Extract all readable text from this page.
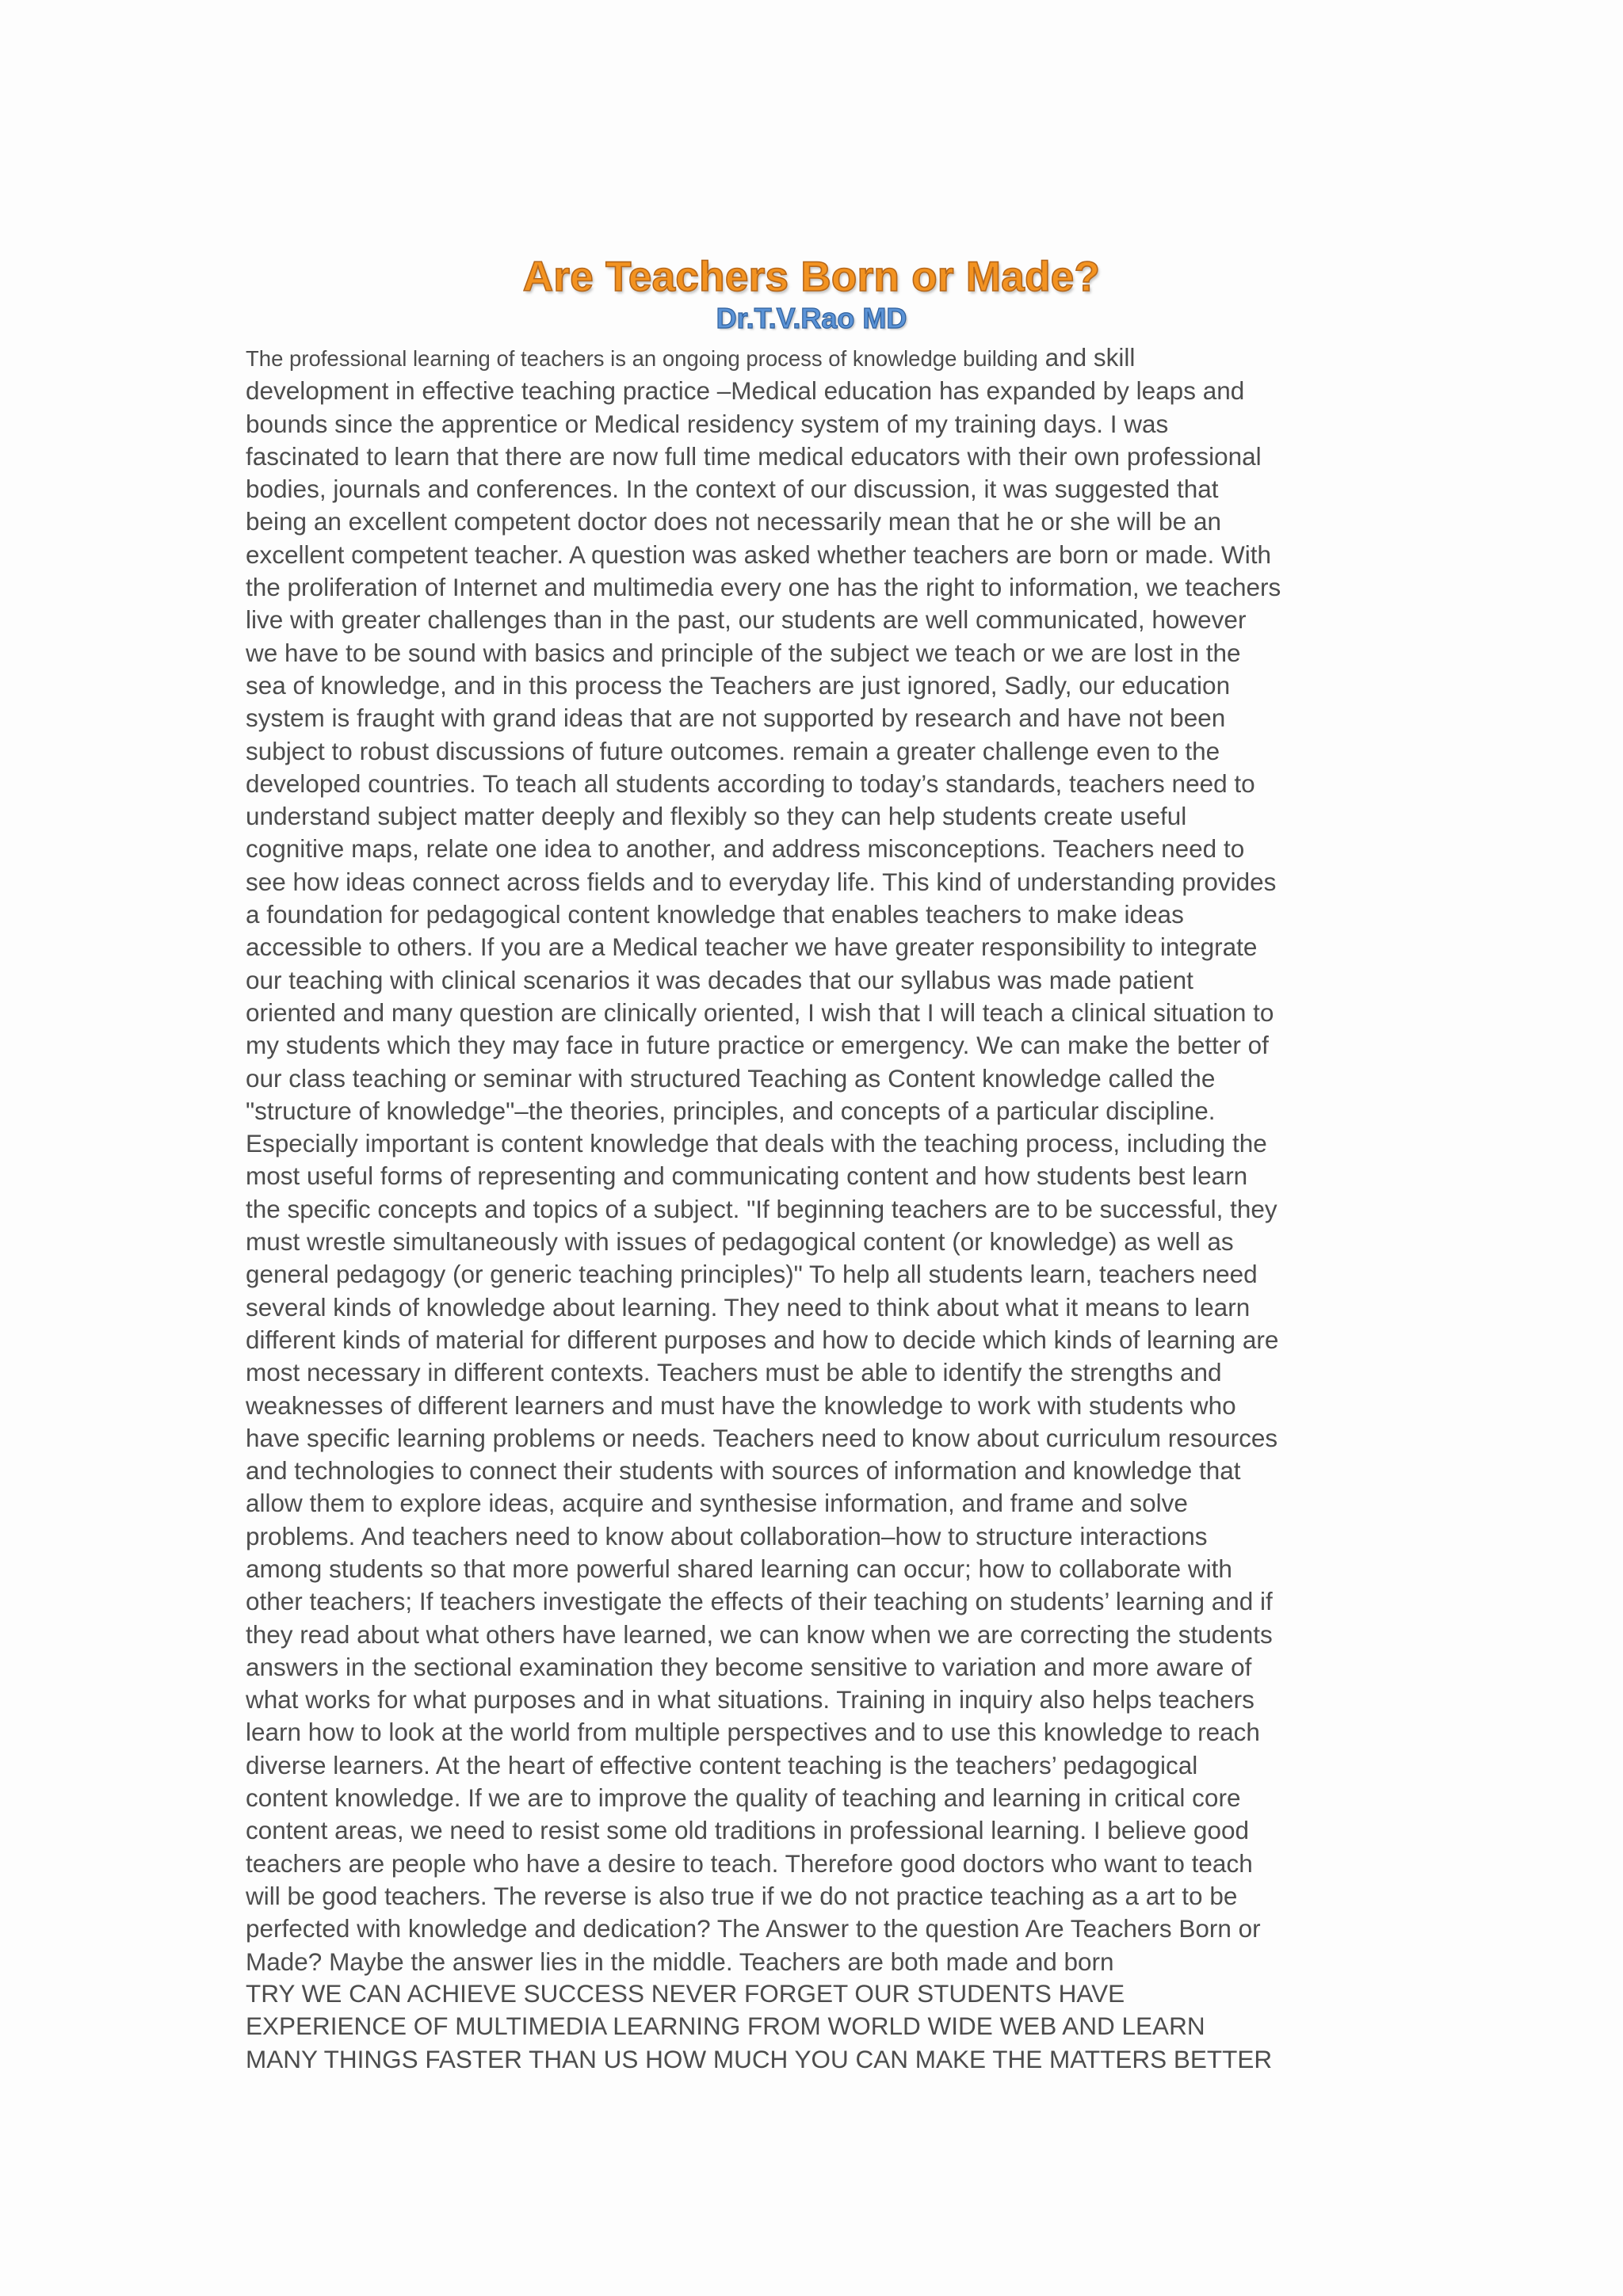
Are Teachers Born or Made?
Dr.T.V.Rao MD

The professional learning of teachers is an ongoing process of knowledge building and skill
development in effective teaching practice –Medical education has expanded by leaps and
bounds since the apprentice or Medical residency system of my training days. I was
fascinated to learn that there are now full time medical educators with their own professional
bodies, journals and conferences. In the context of our discussion, it was suggested that
being an excellent competent doctor does not necessarily mean that he or she will be an
excellent competent teacher. A question was asked whether teachers are born or made. With
the proliferation of Internet and multimedia every one has the right to information, we teachers
live with greater challenges than in the past, our students are well communicated, however
we have to be sound with basics and principle of the subject we teach or we are lost in the
sea of knowledge, and in this process the Teachers are just ignored, Sadly, our education
system is fraught with grand ideas that are not supported by research and have not been
subject to robust discussions of future outcomes. remain a greater challenge even to the
developed countries. To teach all students according to today’s standards, teachers need to
understand subject matter deeply and flexibly so they can help students create useful
cognitive maps, relate one idea to another, and address misconceptions. Teachers need to
see how ideas connect across fields and to everyday life. This kind of understanding provides
a foundation for pedagogical content knowledge that enables teachers to make ideas
accessible to others. If you are a Medical teacher we have greater responsibility to integrate
our teaching with clinical scenarios it was decades that our syllabus was made patient
oriented and many question are clinically oriented, I wish that I will teach a clinical situation to
my students which they may face in future practice or emergency. We can make the better of
our class teaching or seminar with structured Teaching as Content knowledge called the
"structure of knowledge"–the theories, principles, and concepts of a particular discipline.
Especially important is content knowledge that deals with the teaching process, including the
most useful forms of representing and communicating content and how students best learn
the specific concepts and topics of a subject. "If beginning teachers are to be successful, they
must wrestle simultaneously with issues of pedagogical content (or knowledge) as well as
general pedagogy (or generic teaching principles)" To help all students learn, teachers need
several kinds of knowledge about learning. They need to think about what it means to learn
different kinds of material for different purposes and how to decide which kinds of learning are
most necessary in different contexts. Teachers must be able to identify the strengths and
weaknesses of different learners and must have the knowledge to work with students who
have specific learning problems or needs. Teachers need to know about curriculum resources
and technologies to connect their students with sources of information and knowledge that
allow them to explore ideas, acquire and synthesise information, and frame and solve
problems. And teachers need to know about collaboration–how to structure interactions
among students so that more powerful shared learning can occur; how to collaborate with
other teachers; If teachers investigate the effects of their teaching on students’ learning and if
they read about what others have learned, we can know when we are correcting the students
answers in the sectional examination they become sensitive to variation and more aware of
what works for what purposes and in what situations. Training in inquiry also helps teachers
learn how to look at the world from multiple perspectives and to use this knowledge to reach
diverse learners. At the heart of effective content teaching is the teachers’ pedagogical
content knowledge. If we are to improve the quality of teaching and learning in critical core
content areas, we need to resist some old traditions in professional learning. I believe good
teachers are people who have a desire to teach. Therefore good doctors who want to teach
will be good teachers. The reverse is also true if we do not practice teaching as a art to be
perfected with knowledge and dedication? The Answer to the question Are Teachers Born or
Made? Maybe the answer lies in the middle. Teachers are both made and born

TRY WE CAN ACHIEVE SUCCESS NEVER FORGET OUR STUDENTS HAVE
EXPERIENCE OF MULTIMEDIA LEARNING FROM WORLD WIDE WEB AND LEARN
MANY THINGS FASTER THAN US HOW MUCH YOU CAN MAKE THE MATTERS BETTER
